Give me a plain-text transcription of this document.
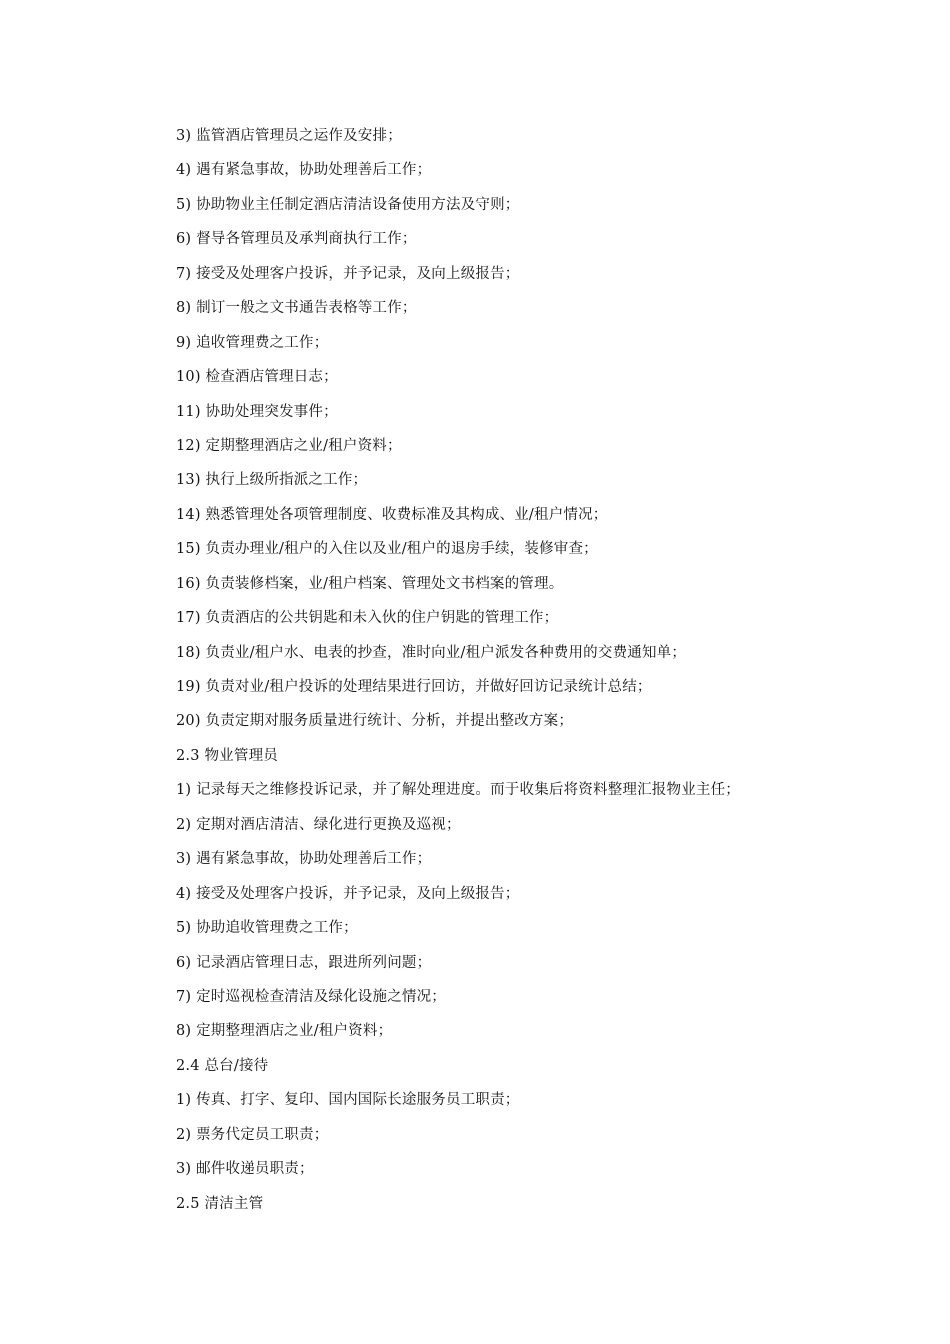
3) 监管酒店管理员之运作及安排；
4) 遇有紧急事故，协助处理善后工作；
5) 协助物业主任制定酒店清洁设备使用方法及守则；
6) 督导各管理员及承判商执行工作；
7) 接受及处理客户投诉，并予记录，及向上级报告；
8) 制订一般之文书通告表格等工作；
9) 追收管理费之工作；
10) 检查酒店管理日志；
11) 协助处理突发事件；
12) 定期整理酒店之业/租户资料；
13) 执行上级所指派之工作；
14) 熟悉管理处各项管理制度、收费标准及其构成、业/租户情况；
15) 负责办理业/租户的入住以及业/租户的退房手续，装修审查；
16) 负责装修档案，业/租户档案、管理处文书档案的管理。
17) 负责酒店的公共钥匙和未入伙的住户钥匙的管理工作；
18) 负责业/租户水、电表的抄查，准时向业/租户派发各种费用的交费通知单；
19) 负责对业/租户投诉的处理结果进行回访，并做好回访记录统计总结；
20) 负责定期对服务质量进行统计、分析，并提出整改方案；
2.3 物业管理员
1) 记录每天之维修投诉记录，并了解处理进度。而于收集后将资料整理汇报物业主任；
2) 定期对酒店清洁、绿化进行更换及巡视；
3) 遇有紧急事故，协助处理善后工作；
4) 接受及处理客户投诉，并予记录，及向上级报告；
5) 协助追收管理费之工作；
6) 记录酒店管理日志，跟进所列问题；
7) 定时巡视检查清洁及绿化设施之情况；
8) 定期整理酒店之业/租户资料；
2.4 总台/接待
1) 传真、打字、复印、国内国际长途服务员工职责；
2) 票务代定员工职责；
3) 邮件收递员职责；
2.5 清洁主管
